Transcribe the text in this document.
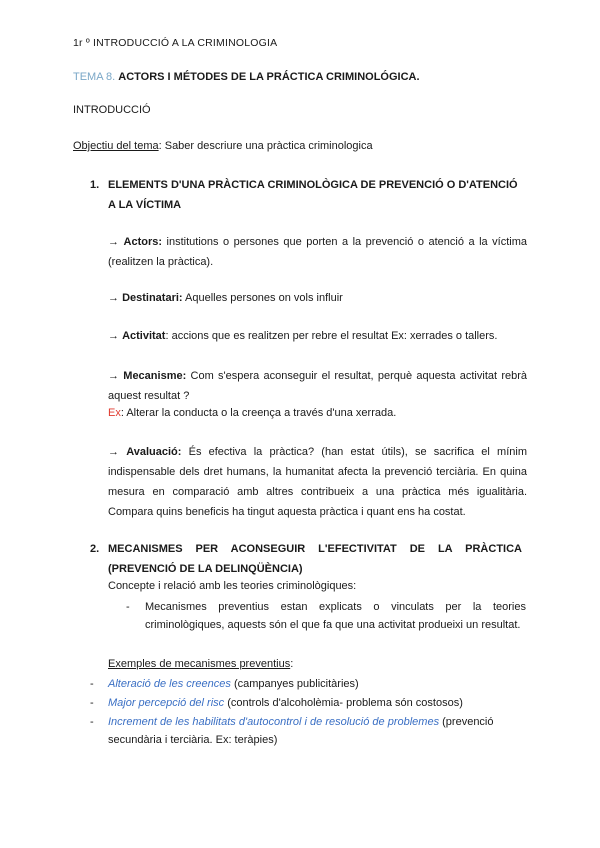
1r º INTRODUCCIÓ A LA CRIMINOLOGIA
TEMA 8. ACTORS I MÉTODES DE LA PRÁCTICA CRIMINOLÓGICA.
INTRODUCCIÓ
Objectiu del tema: Saber descriure una pràctica criminologica
1. ELEMENTS D'UNA PRÀCTICA CRIMINOLÒGICA DE PREVENCIÓ O D'ATENCIÓ
A LA VÍCTIMA
→ Actors: institutions o persones que porten a la prevenció o atenció a la víctima (realitzen la pràctica).
→ Destinatari: Aquelles persones on vols influir
→ Activitat: accions que es realitzen per rebre el resultat Ex: xerrades o tallers.
→ Mecanisme: Com s'espera aconseguir el resultat, perquè aquesta activitat rebrà aquest resultat ?
Ex: Alterar la conducta o la creença a través d'una xerrada.
→ Avaluació: És efectiva la pràctica? (han estat útils), se sacrifica el mínim indispensable dels dret humans, la humanitat afecta la prevenció terciària. En quina mesura en comparació amb altres contribueix a una pràctica més igualitària. Compara quins beneficis ha tingut aquesta pràctica i quant ens ha costat.
2. MECANISMES PER ACONSEGUIR L'EFECTIVITAT DE LA PRÀCTICA
(PREVENCIÓ DE LA DELINQÜÈNCIA)
Concepte i relació amb les teories criminològiques:
- Mecanismes preventius estan explicats o vinculats per la teories criminològiques, aquests són el que fa que una activitat produeixi un resultat.
Exemples de mecanismes preventius:
- Alteració de les creences (campanyes publicitàries)
- Major percepció del risc (controls d'alcoholèmia- problema són costosos)
- Increment de les habilitats d'autocontrol i de resolució de problemes (prevenció secundària i terciària. Ex: teràpies)
